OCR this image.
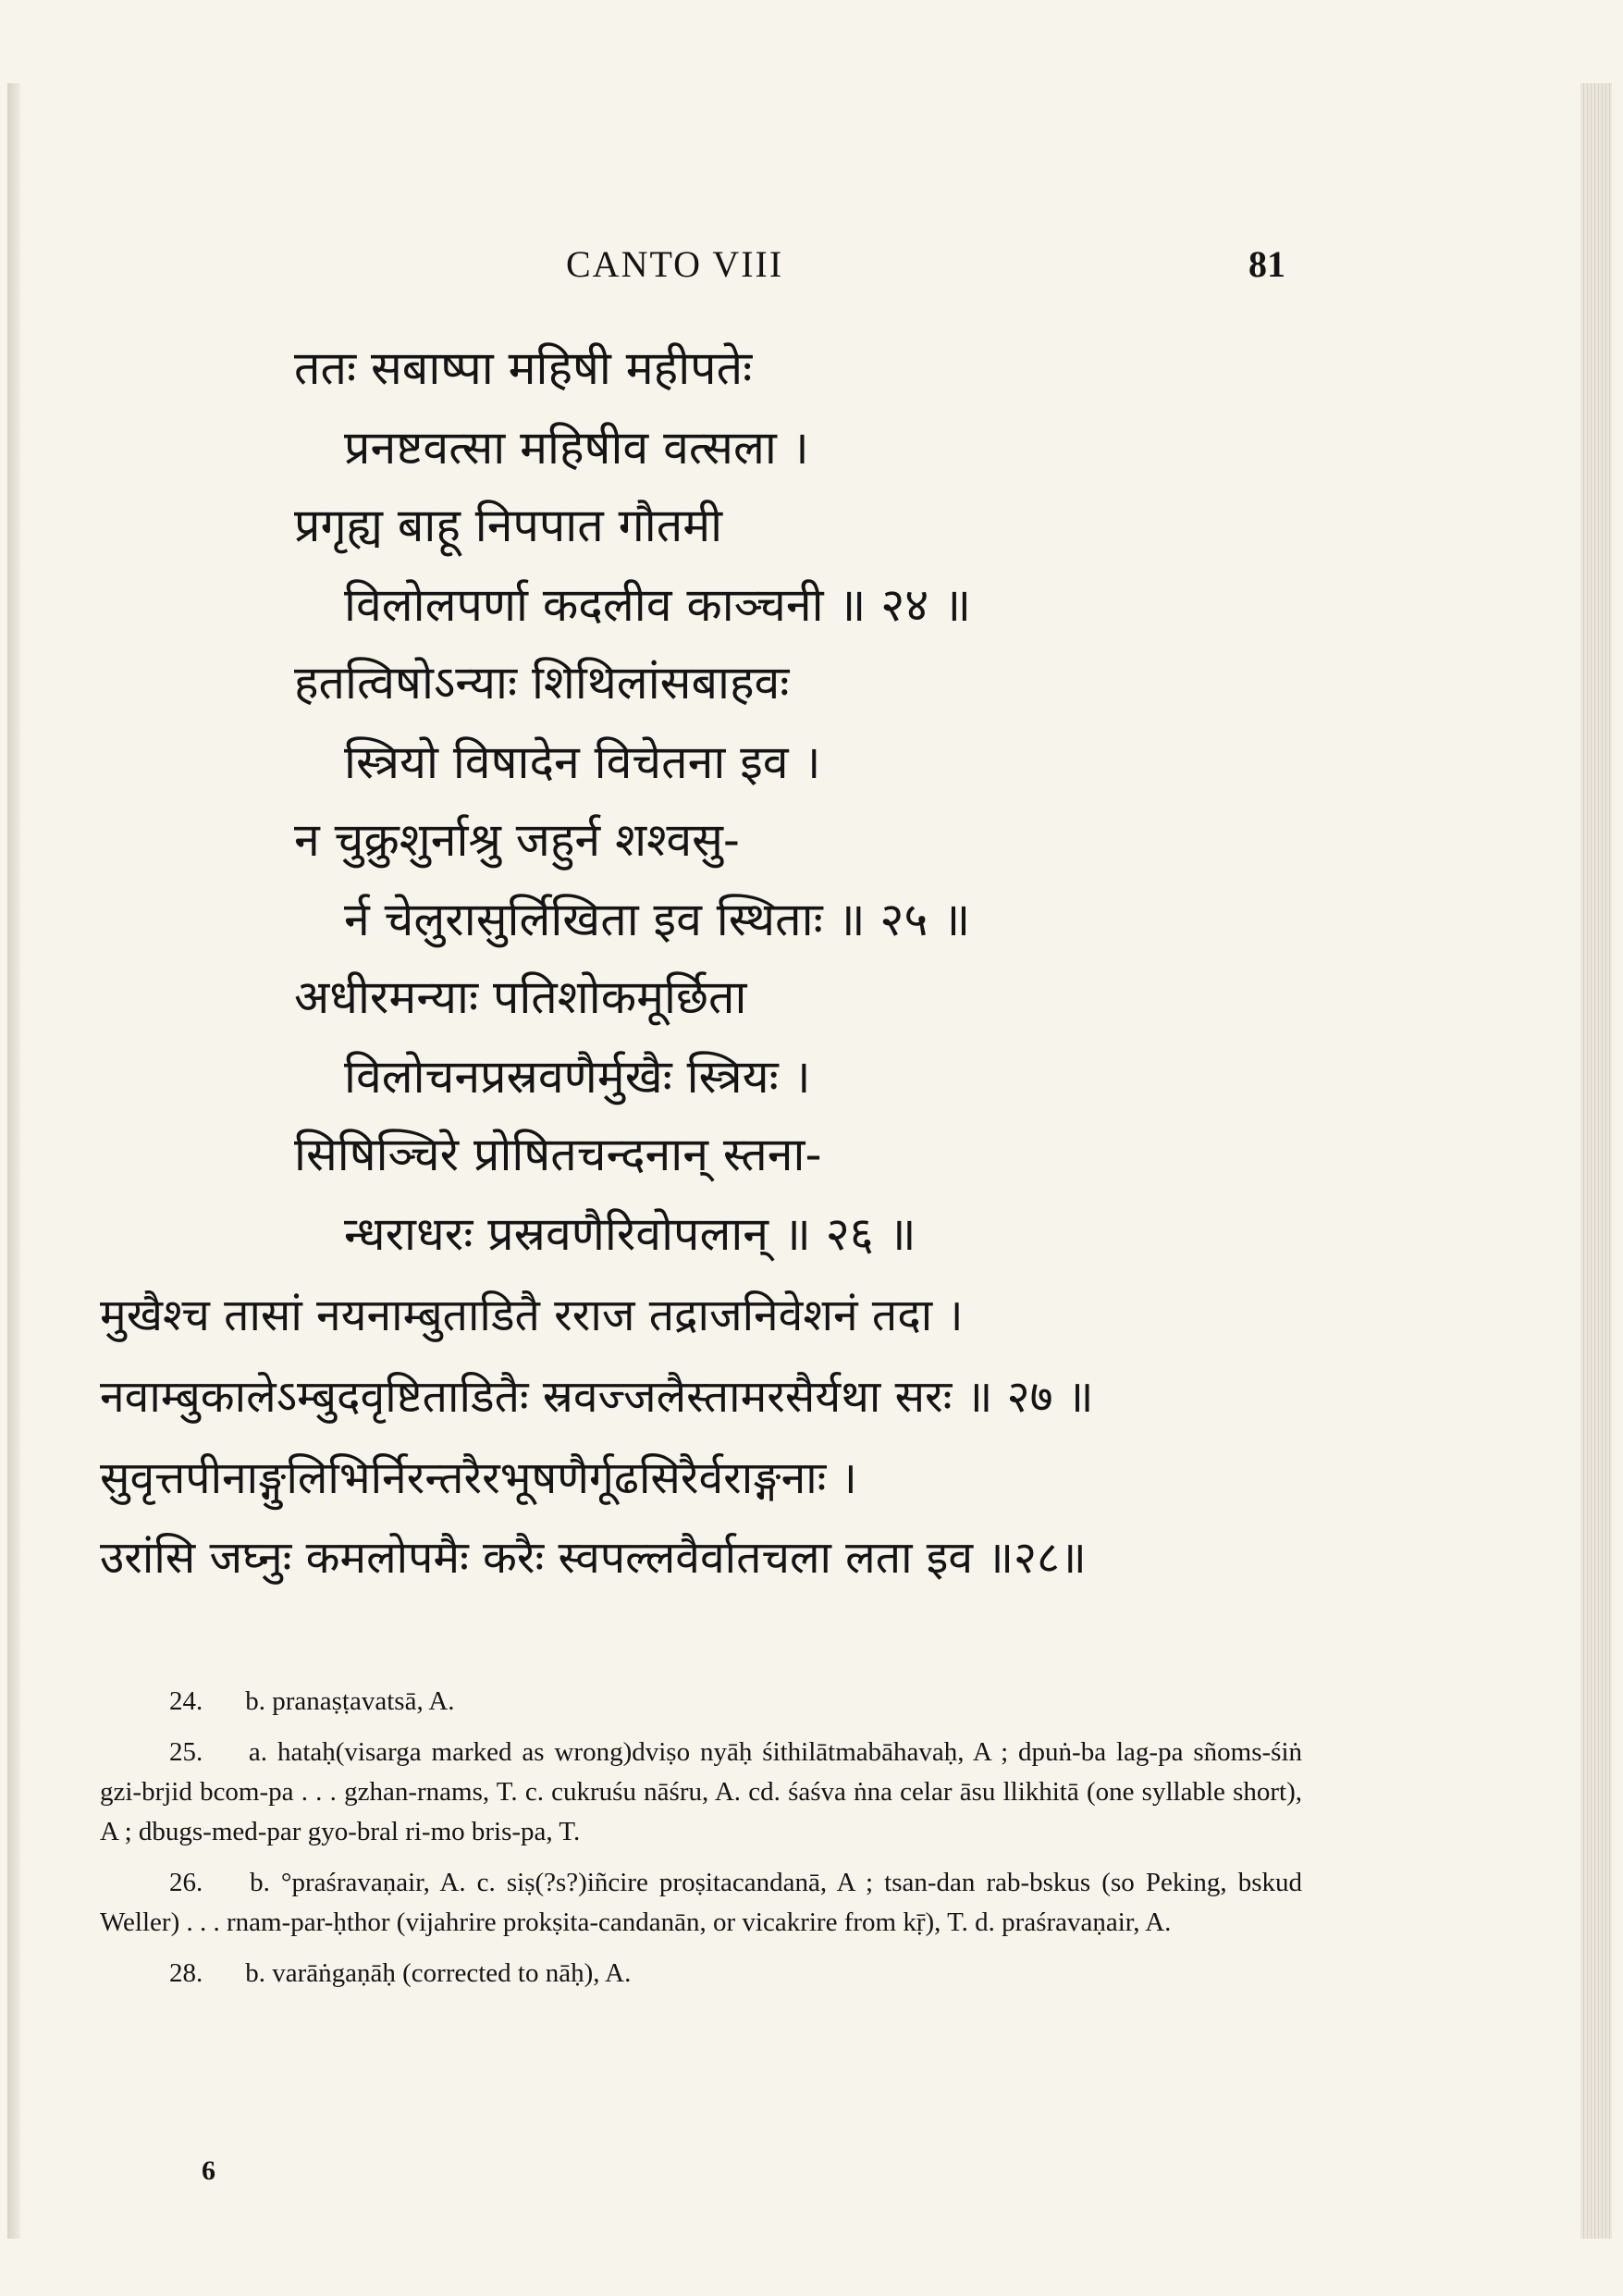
CANTO VIII	81
ततः सबाष्पा महिषी महीपतेः
प्रनष्टवत्सा महिषीव वत्सला ।
प्रगृह्य बाहू निपपात गौतमी
विलोलपर्णा कदलीव काञ्चनी ॥ २४ ॥
हतत्विषोऽन्याः शिथिलांसबाहवः
स्त्रियो विषादेन विचेतना इव ।
न चुक्रुशुर्नाश्रु जहुर्न शश्वसु-
र्न चेलुरासुर्लिखिता इव स्थिताः ॥ २५ ॥
अधीरमन्याः पतिशोकमूर्छिता
विलोचनप्रस्रवणैर्मुखैः स्त्रियः ।
सिषिञ्चिरे प्रोषितचन्दनान् स्तना-
न्धराधरः प्रस्रवणैरिवोपलान् ॥ २६ ॥
मुखैश्च तासां नयनाम्बुताडितै रराज तद्राजनिवेशनं तदा ।
नवाम्बुकालेऽम्बुदवृष्टिताडितैः स्रवज्जलैस्तामरसैर्यथा सरः ॥ २७ ॥
सुवृत्तपीनाङ्गुलिभिर्निरन्तरैरभूषणैर्गूढसिरैर्वराङ्गनाः ।
उरांसि जघ्नुः कमलोपमैः करैः स्वपल्लवैर्वातचला लता इव ॥२८॥

24. b. pranaṣṭavatsā, A.

25. a. hataḥ(visarga marked as wrong)dviṣo nyāḥ śithilātmabāhavaḥ, A ; dpuṅ-ba lag-pa sñoms-śiṅ gzi-brjid bcom-pa . . . gzhan-rnams, T. c. cukruśu nāśru, A. cd. śaśva ṅna celar āsu llikhitā (one syllable short), A ; dbugs-med-par gyo-bral ri-mo bris-pa, T.

26. b. °praśravaṇair, A. c. siṣ(?s?)iñcire proṣitacandanā, A ; tsan-dan rab-bskus (so Peking, bskud Weller) . . . rnam-par-ḥthor (vijahrire prokṣita-candanān, or vicakrire from kṝ), T. d. praśravaṇair, A.

28. b. varāṅgaṇāḥ (corrected to nāḥ), A.

6
